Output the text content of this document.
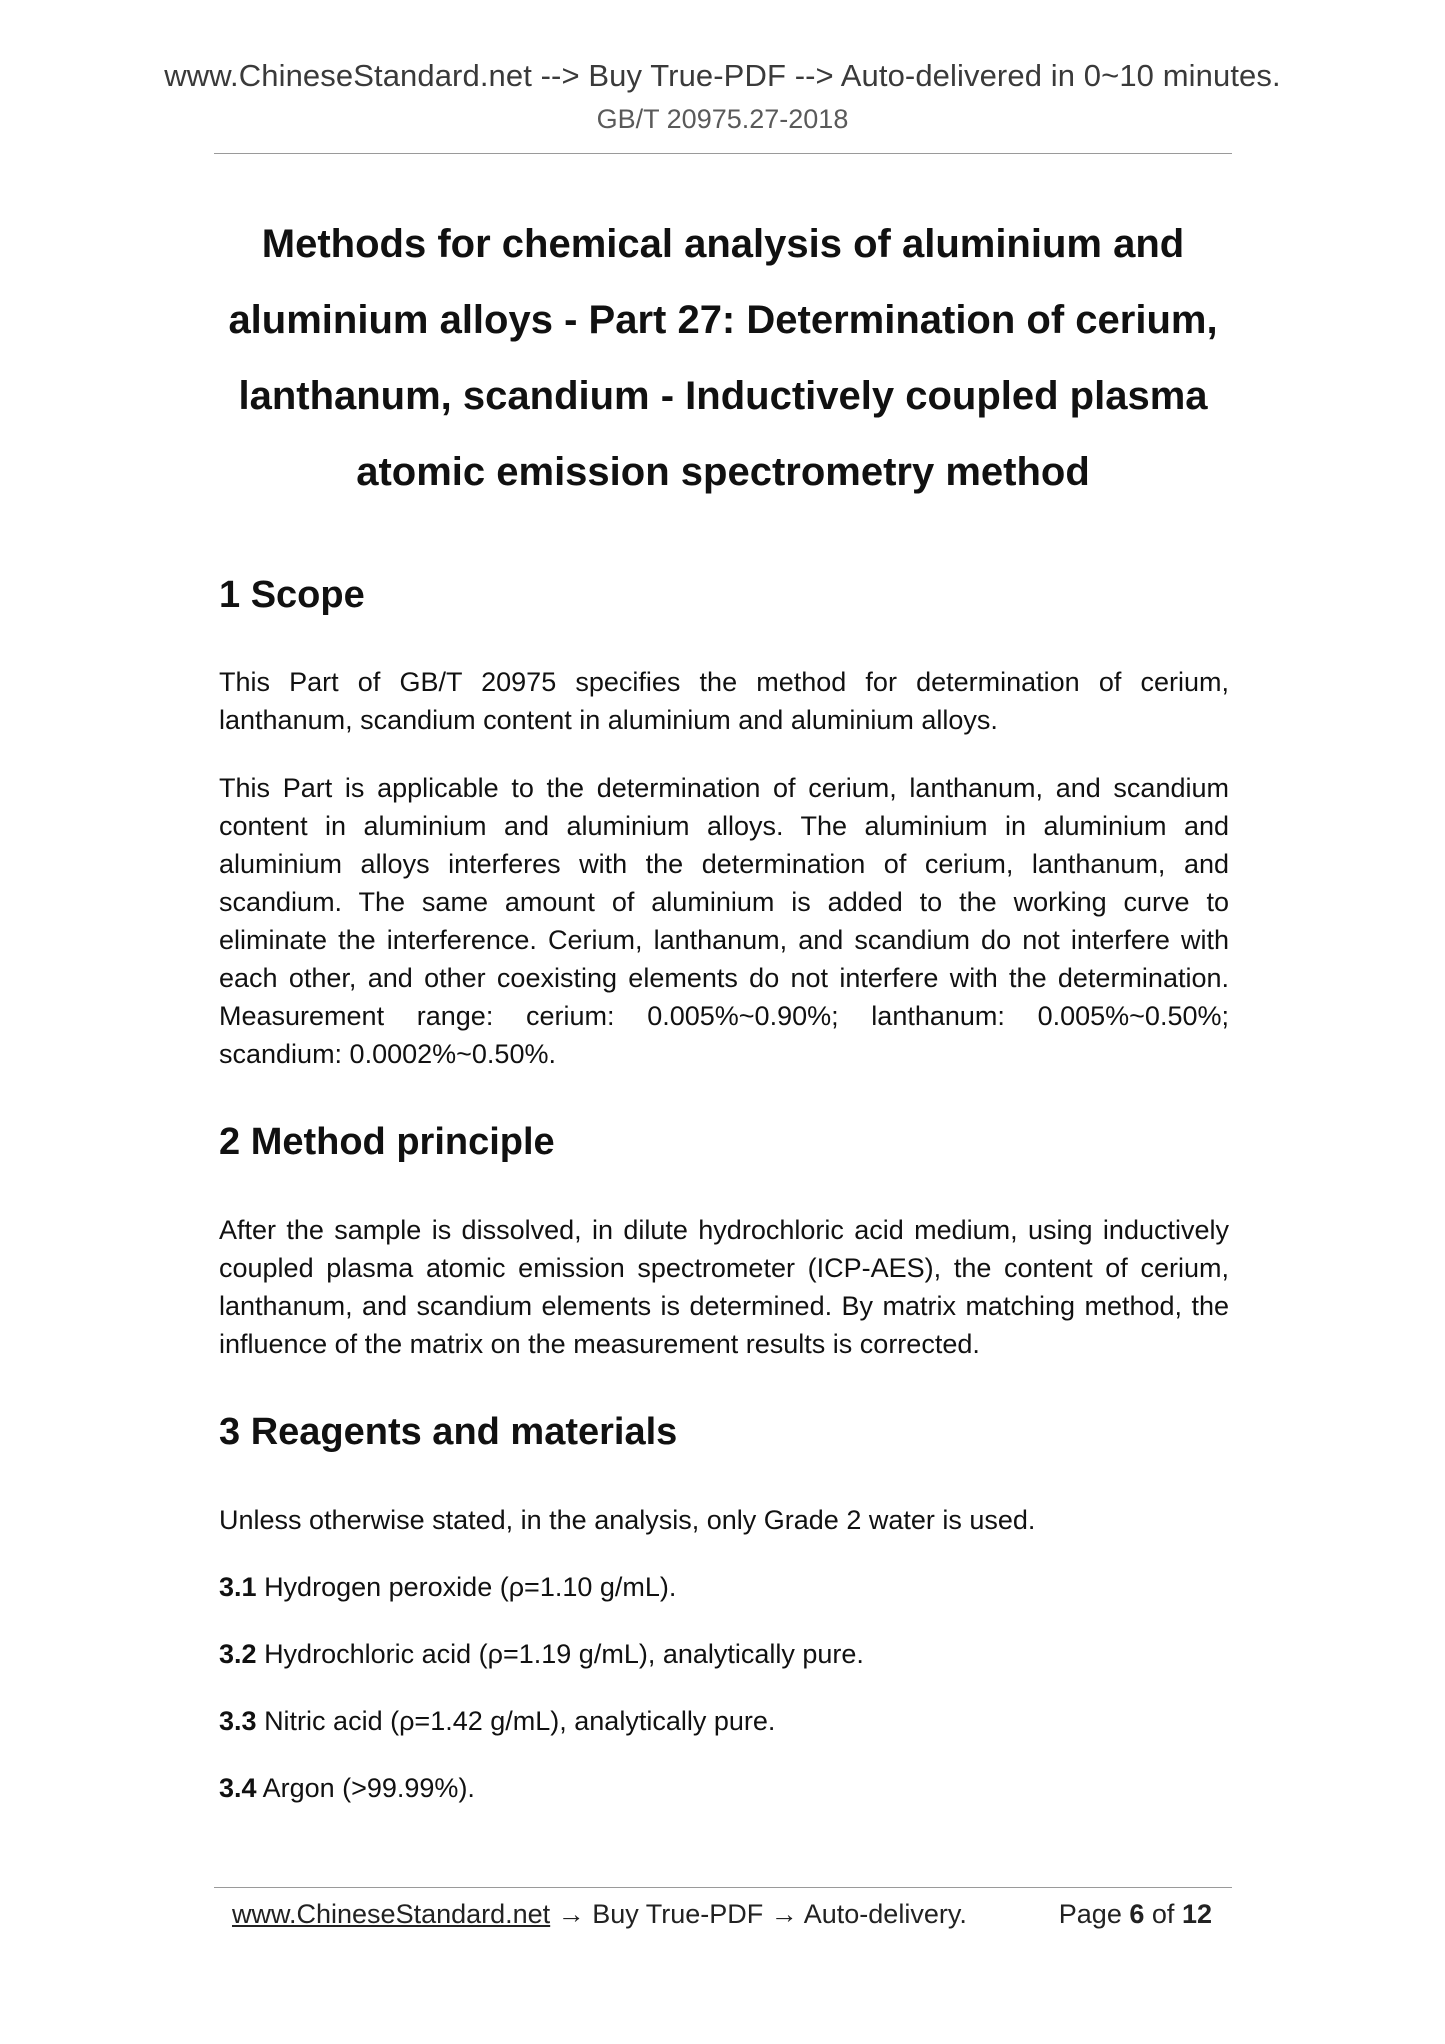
www.ChineseStandard.net --> Buy True-PDF --> Auto-delivered in 0~10 minutes.
GB/T 20975.27-2018
Methods for chemical analysis of aluminium and
aluminium alloys - Part 27: Determination of cerium,
lanthanum, scandium - Inductively coupled plasma
atomic emission spectrometry method
1 Scope

This Part of GB/T 20975 specifies the method for determination of cerium, lanthanum, scandium content in aluminium and aluminium alloys.

This Part is applicable to the determination of cerium, lanthanum, and scandium content in aluminium and aluminium alloys. The aluminium in aluminium and aluminium alloys interferes with the determination of cerium, lanthanum, and scandium. The same amount of aluminium is added to the working curve to eliminate the interference. Cerium, lanthanum, and scandium do not interfere with each other, and other coexisting elements do not interfere with the determination. Measurement range: cerium: 0.005%~0.90%; lanthanum: 0.005%~0.50%; scandium: 0.0002%~0.50%.

2 Method principle

After the sample is dissolved, in dilute hydrochloric acid medium, using inductively coupled plasma atomic emission spectrometer (ICP-AES), the content of cerium, lanthanum, and scandium elements is determined. By matrix matching method, the influence of the matrix on the measurement results is corrected.

3 Reagents and materials

Unless otherwise stated, in the analysis, only Grade 2 water is used.

3.1 Hydrogen peroxide (ρ=1.10 g/mL).

3.2 Hydrochloric acid (ρ=1.19 g/mL), analytically pure.

3.3 Nitric acid (ρ=1.42 g/mL), analytically pure.

3.4 Argon (>99.99%).

www.ChineseStandard.net → Buy True-PDF → Auto-delivery.	Page 6 of 12
